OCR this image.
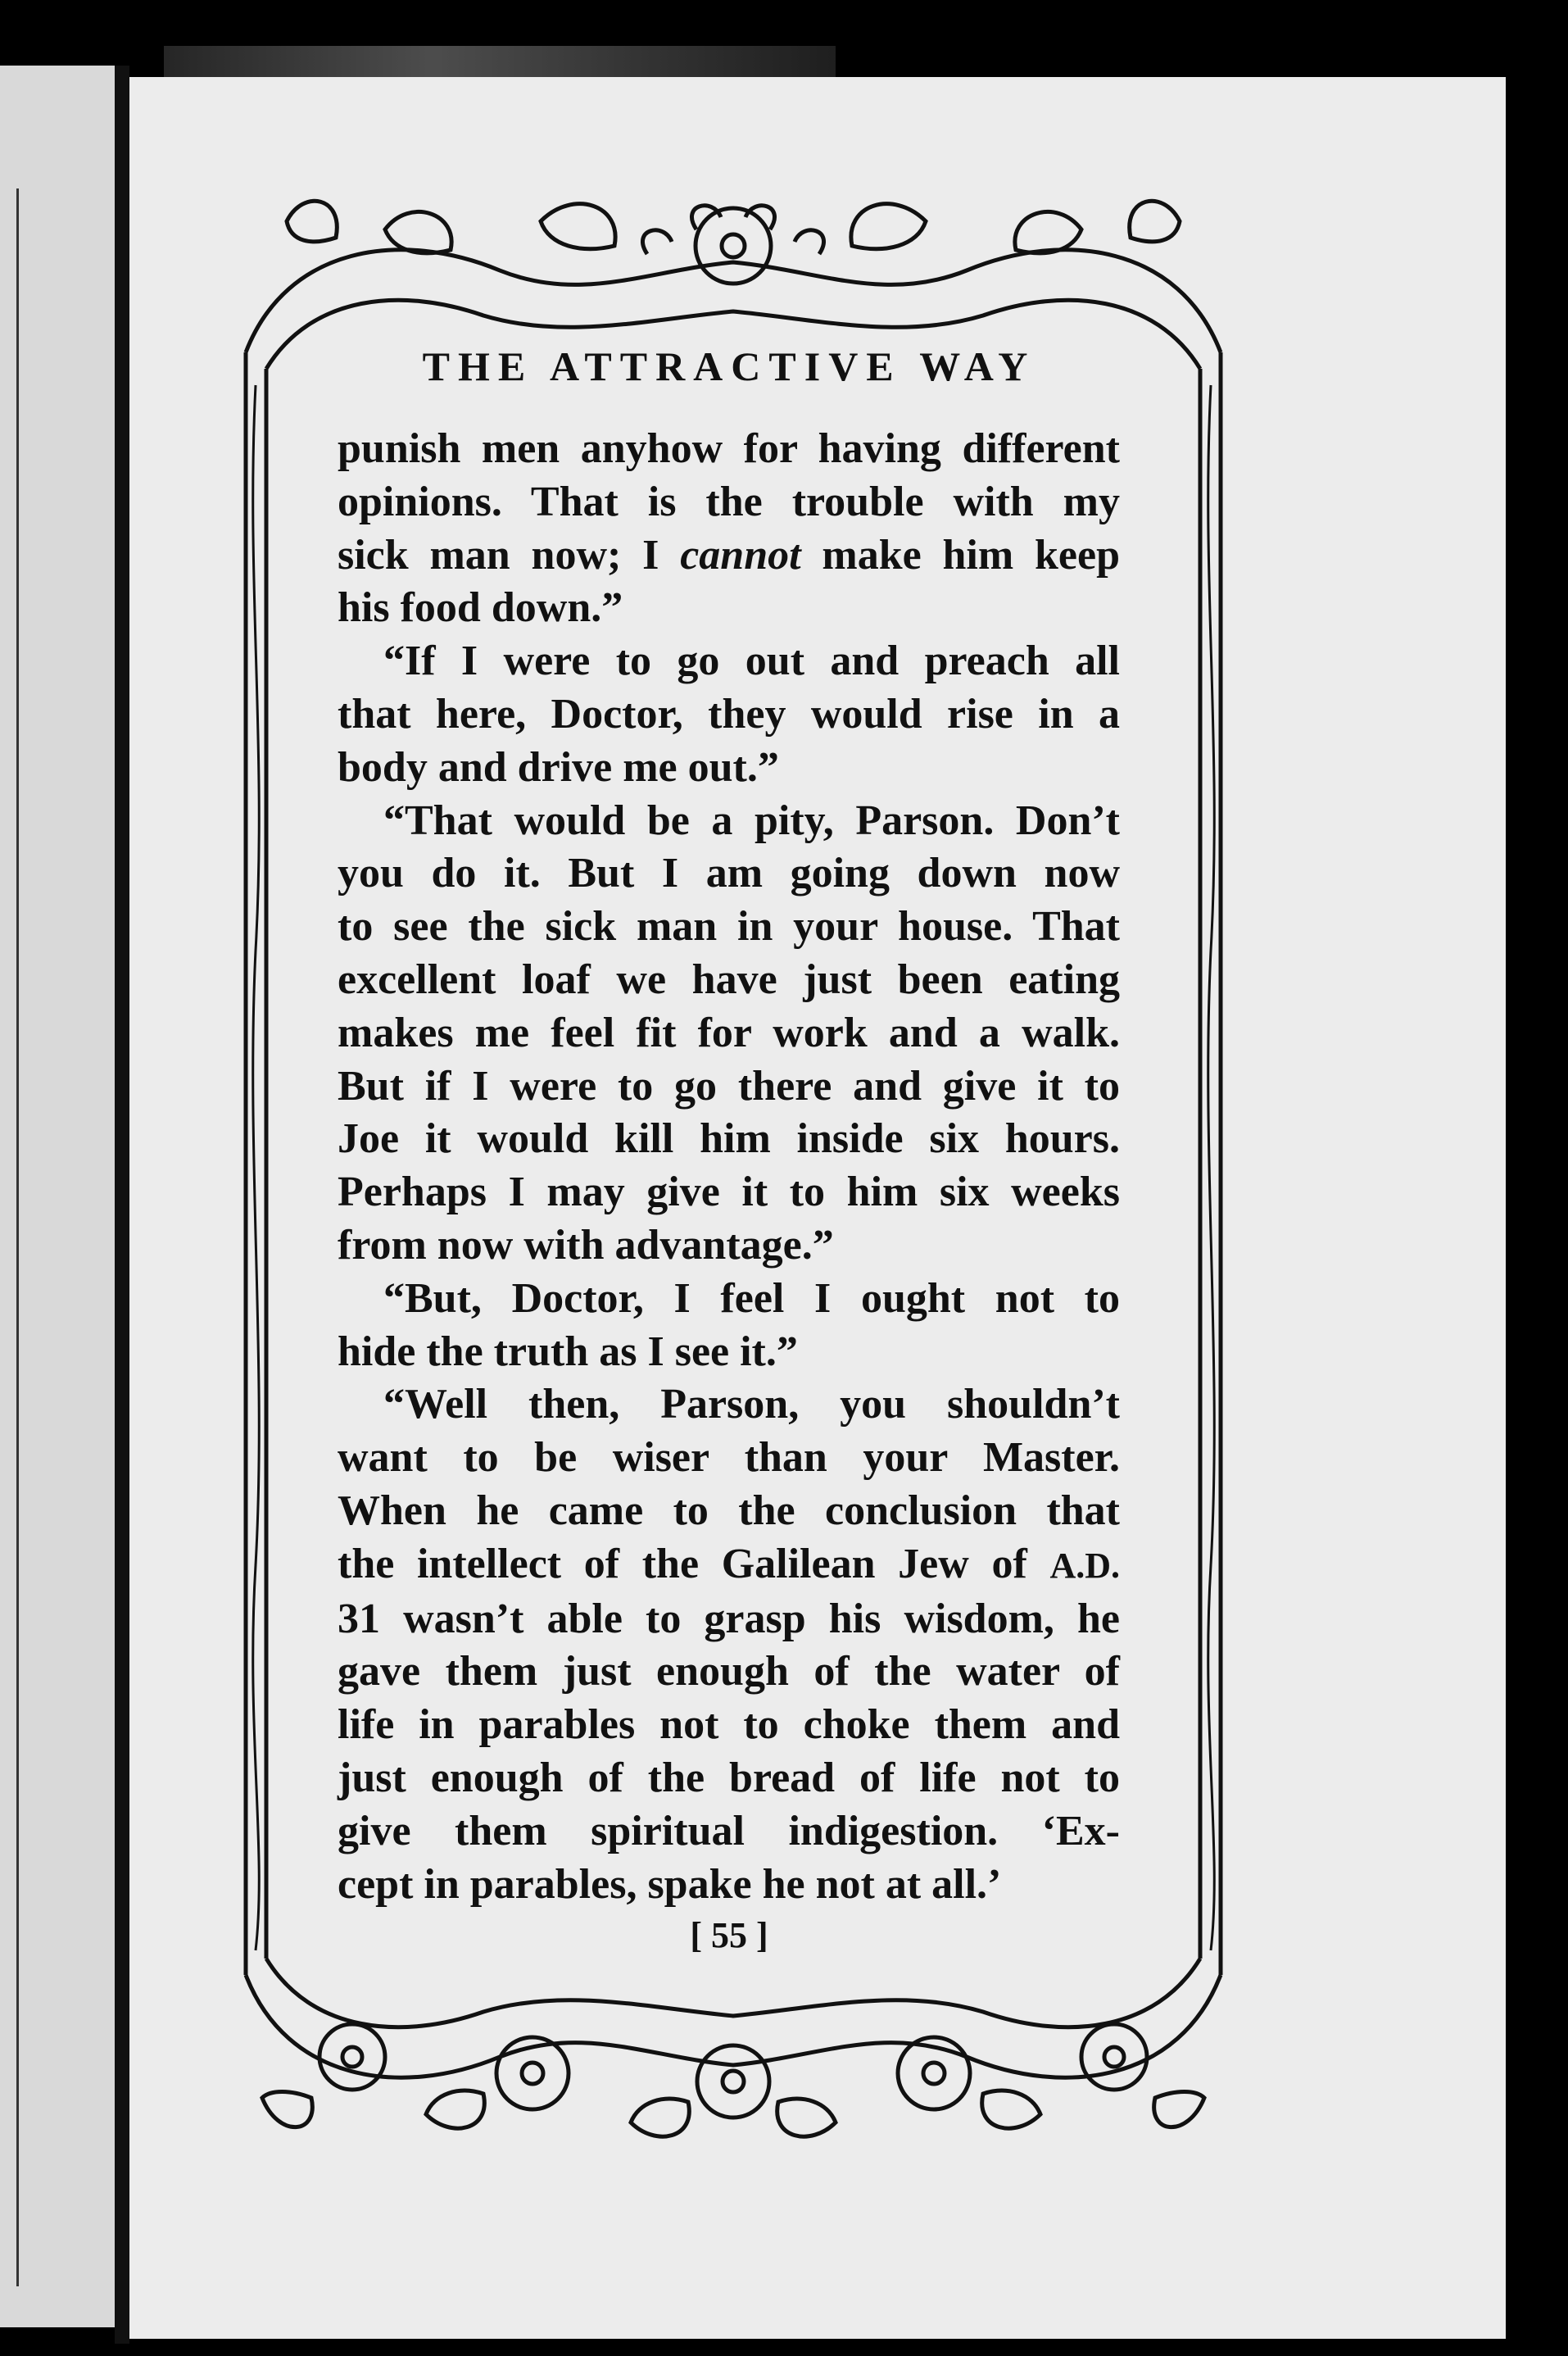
THE ATTRACTIVE WAY

punish men anyhow for having different
opinions. That is the trouble with my
sick man now; I cannot make him keep

his food down.”

“If I were to go out and preach all
that here, Doctor, they would rise in a

body and drive me out.”

“That would be a pity, Parson. Don’t
you do it. But I am going down now
to see the sick man in your house. That
excellent loaf we have just been eating
makes me feel fit for work and a walk.
But if I were to go there and give it to
Joe it would kill him inside six hours.
Perhaps I may give it to him six weeks

from now with advantage.”

“But, Doctor, I feel I ought not to

hide the truth as I see it.”

“Well then, Parson, you shouldn’t
want to be wiser than your Master.
When he came to the conclusion that
the intellect of the Galilean Jew of A.D.
31 wasn’t able to grasp his wisdom, he
gave them just enough of the water of
life in parables not to choke them and
just enough of the bread of life not to
give them spiritual indigestion. ‘Ex-

cept in parables, spake he not at all.’

[ 55 ]
